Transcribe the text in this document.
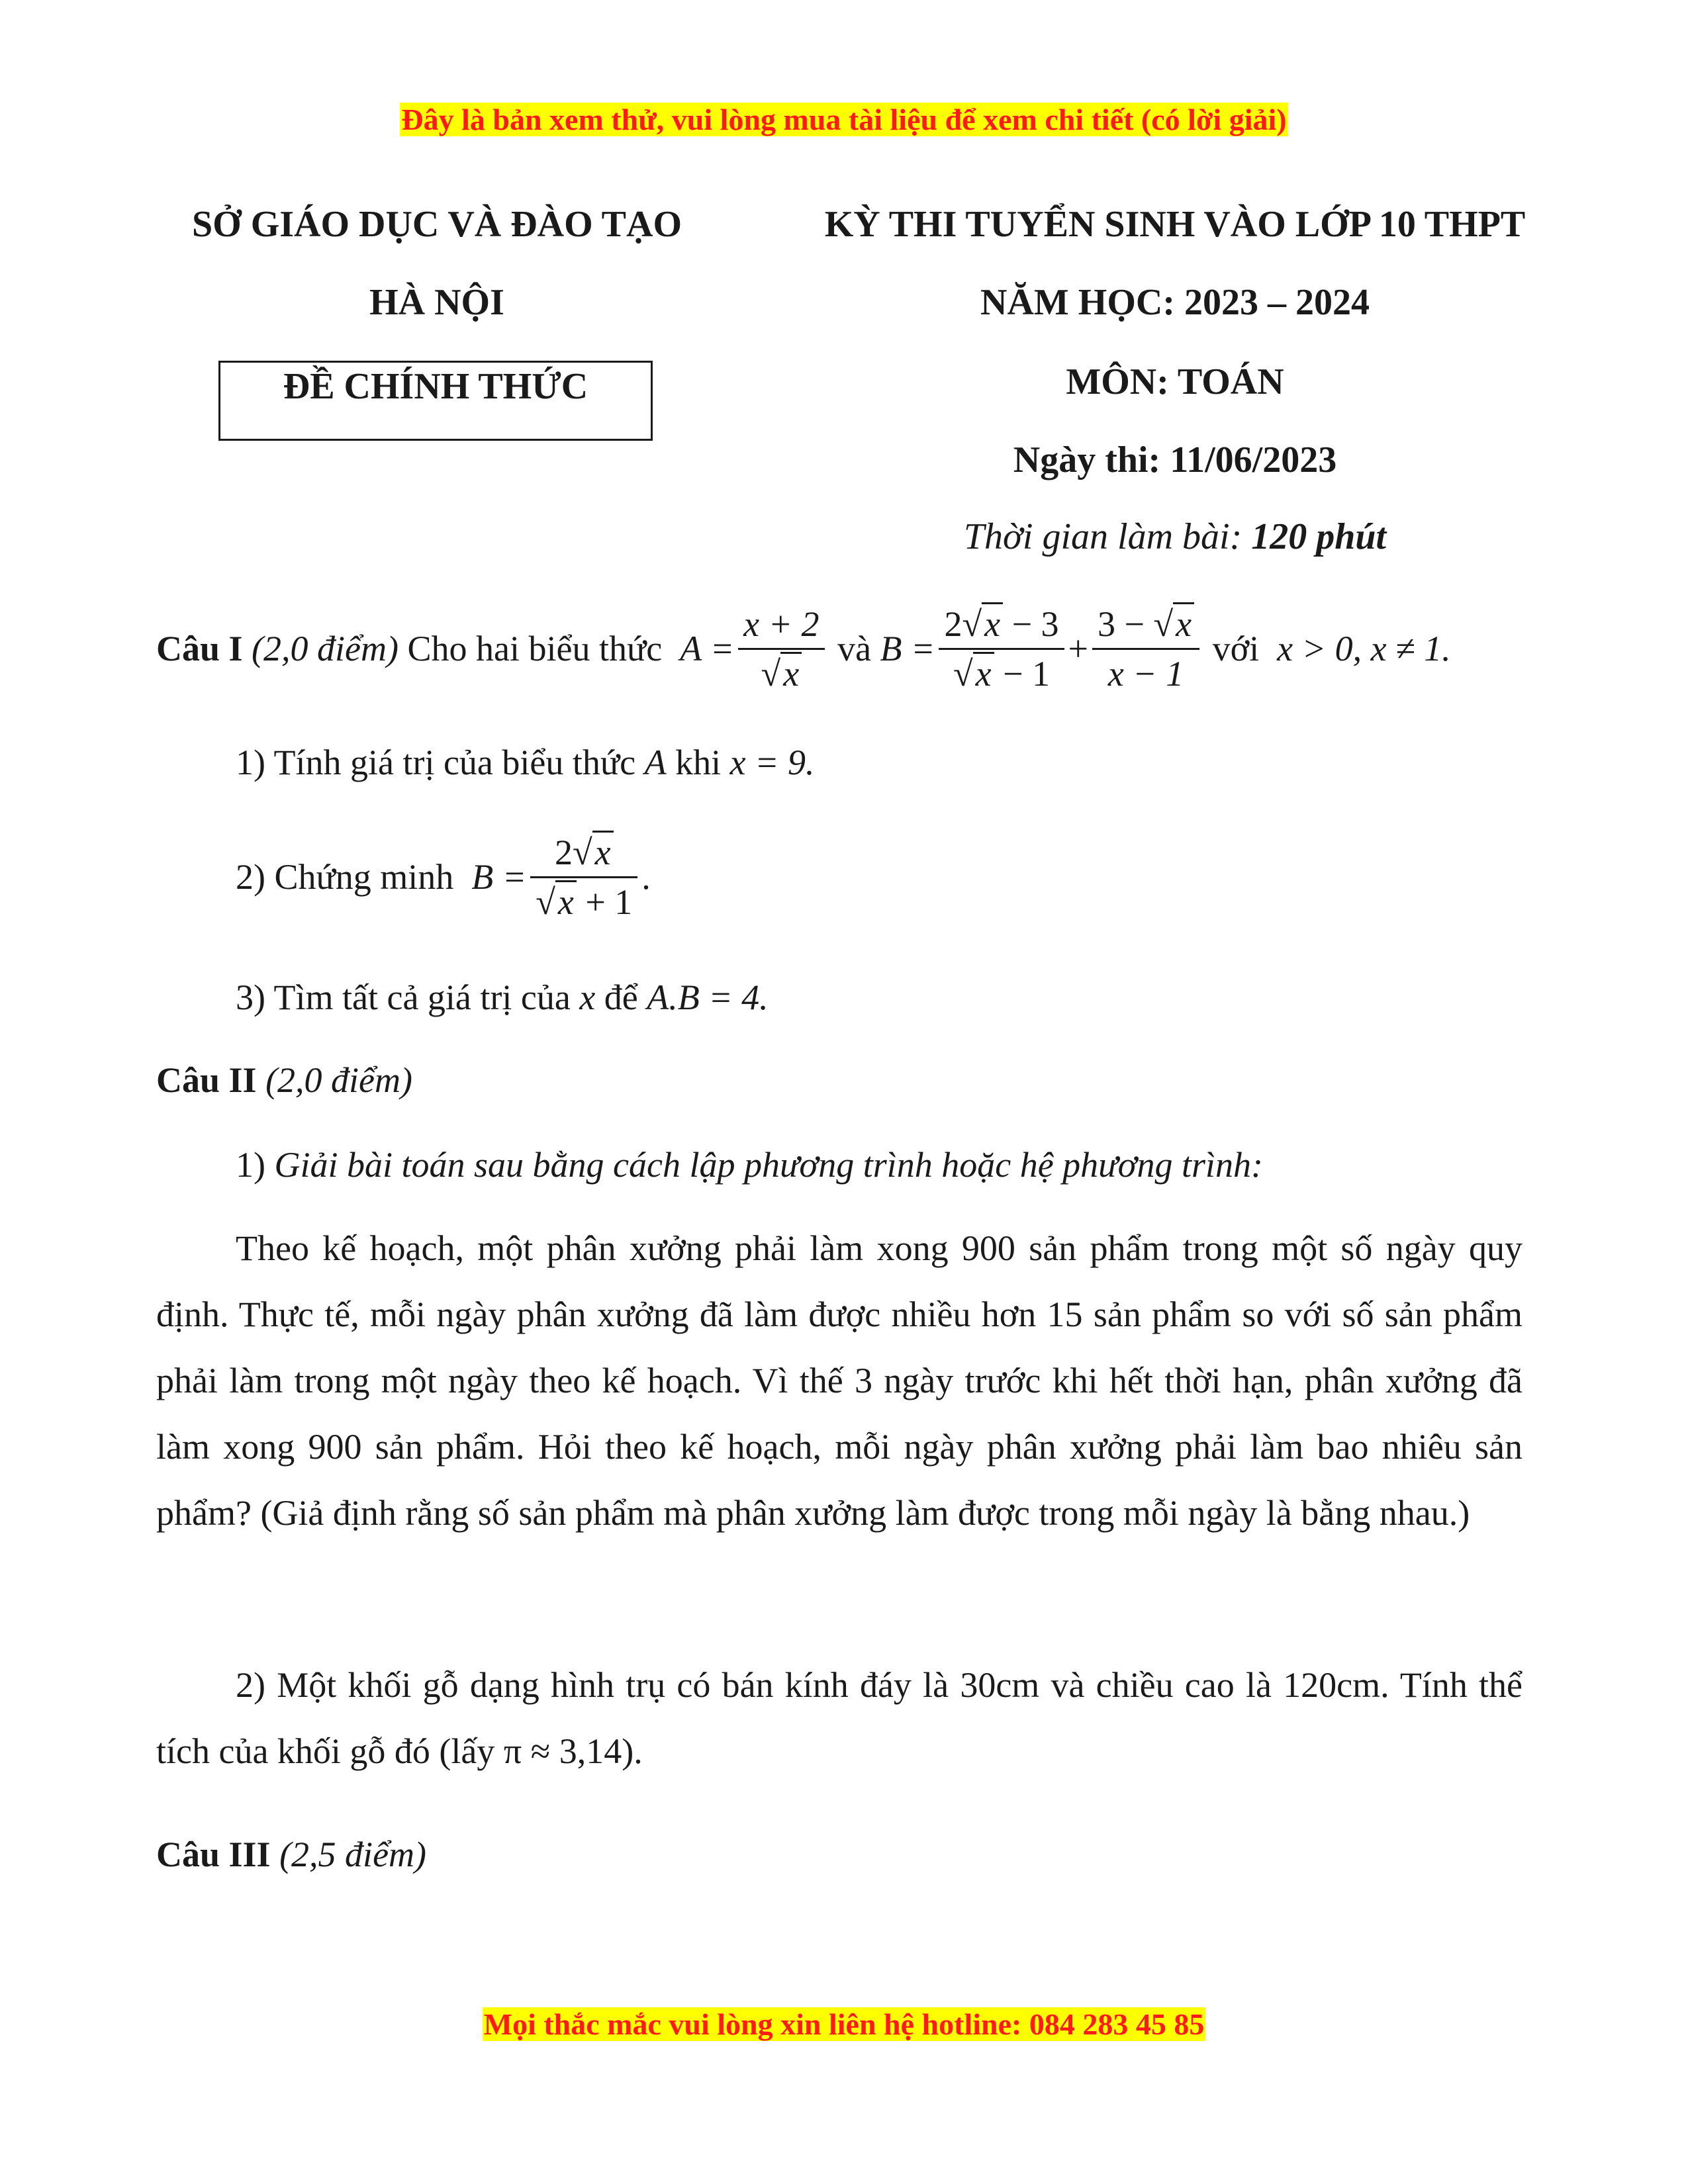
Đây là bản xem thử, vui lòng mua tài liệu để xem chi tiết (có lời giải)
SỞ GIÁO DỤC VÀ ĐÀO TẠO
HÀ NỘI
ĐỀ CHÍNH THỨC
KỲ THI TUYỂN SINH VÀO LỚP 10 THPT
NĂM HỌC: 2023 – 2024
MÔN: TOÁN
Ngày thi: 11/06/2023
Thời gian làm bài: 120 phút
Câu I
(2,0 điểm)
Cho hai biểu thức
$A = \frac{x + 2}{√x}$
và
$B = \frac{2√x - 3}{√x - 1} + \frac{3 - √x}{x - 1}$
với
x > 0, x ≠ 1.
1) Tính giá trị của biểu thức A khi x = 9.
2) Chứng minh
$B = \frac{2√x}{√x + 1}$ .
3) Tìm tất cả giá trị của x để A.B = 4.
Câu II (2,0 điểm)
1) Giải bài toán sau bằng cách lập phương trình hoặc hệ phương trình:
Theo kế hoạch, một phân xưởng phải làm xong 900 sản phẩm trong một số ngày quy định. Thực tế, mỗi ngày phân xưởng đã làm được nhiều hơn 15 sản phẩm so với số sản phẩm phải làm trong một ngày theo kế hoạch. Vì thế 3 ngày trước khi hết thời hạn, phân xưởng đã làm xong 900 sản phẩm. Hỏi theo kế hoạch, mỗi ngày phân xưởng phải làm bao nhiêu sản phẩm? (Giả định rằng số sản phẩm mà phân xưởng làm được trong mỗi ngày là bằng nhau.)
2) Một khối gỗ dạng hình trụ có bán kính đáy là 30cm và chiều cao là 120cm. Tính thể tích của khối gỗ đó (lấy π ≈ 3,14).
Câu III (2,5 điểm)
Mọi thắc mắc vui lòng xin liên hệ hotline: 084 283 45 85
